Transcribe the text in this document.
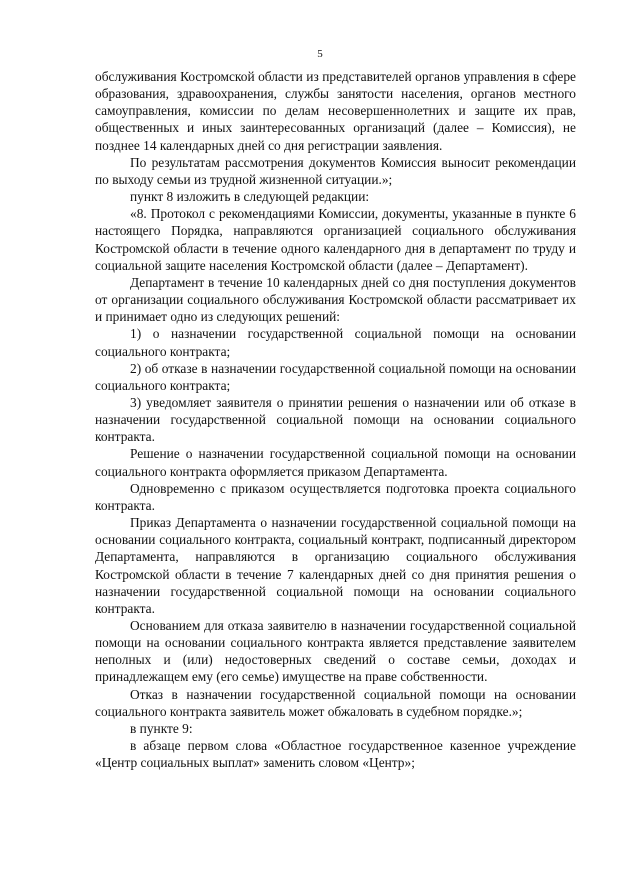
5

обслуживания Костромской области из представителей органов управления в сфере образования, здравоохранения, службы занятости населения, органов местного самоуправления, комиссии по делам несовершеннолетних и защите их прав, общественных и иных заинтересованных организаций (далее – Комиссия), не позднее 14 календарных дней со дня регистрации заявления.

По результатам рассмотрения документов Комиссия выносит рекомендации по выходу семьи из трудной жизненной ситуации.»;

пункт 8 изложить в следующей редакции:

«8. Протокол с рекомендациями Комиссии, документы, указанные в пункте 6 настоящего Порядка, направляются организацией социального обслуживания Костромской области в течение одного календарного дня в департамент по труду и социальной защите населения Костромской области (далее – Департамент).

Департамент в течение 10 календарных дней со дня поступления документов от организации социального обслуживания Костромской области рассматривает их и принимает одно из следующих решений:

1) о назначении государственной социальной помощи на основании социального контракта;

2) об отказе в назначении государственной социальной помощи на основании социального контракта;

3) уведомляет заявителя о принятии решения о назначении или об отказе в назначении государственной социальной помощи на основании социального контракта.

Решение о назначении государственной социальной помощи на основании социального контракта оформляется приказом Департамента.

Одновременно с приказом осуществляется подготовка проекта социального контракта.

Приказ Департамента о назначении государственной социальной помощи на основании социального контракта, социальный контракт, подписанный директором Департамента, направляются в организацию социального обслуживания Костромской области в течение 7 календарных дней со дня принятия решения о назначении государственной социальной помощи на основании социального контракта.

Основанием для отказа заявителю в назначении государственной социальной помощи на основании социального контракта является представление заявителем неполных и (или) недостоверных сведений о составе семьи, доходах и принадлежащем ему (его семье) имуществе на праве собственности.

Отказ в назначении государственной социальной помощи на основании социального контракта заявитель может обжаловать в судебном порядке.»;

в пункте 9:

в абзаце первом слова «Областное государственное казенное учреждение «Центр социальных выплат» заменить словом «Центр»;
